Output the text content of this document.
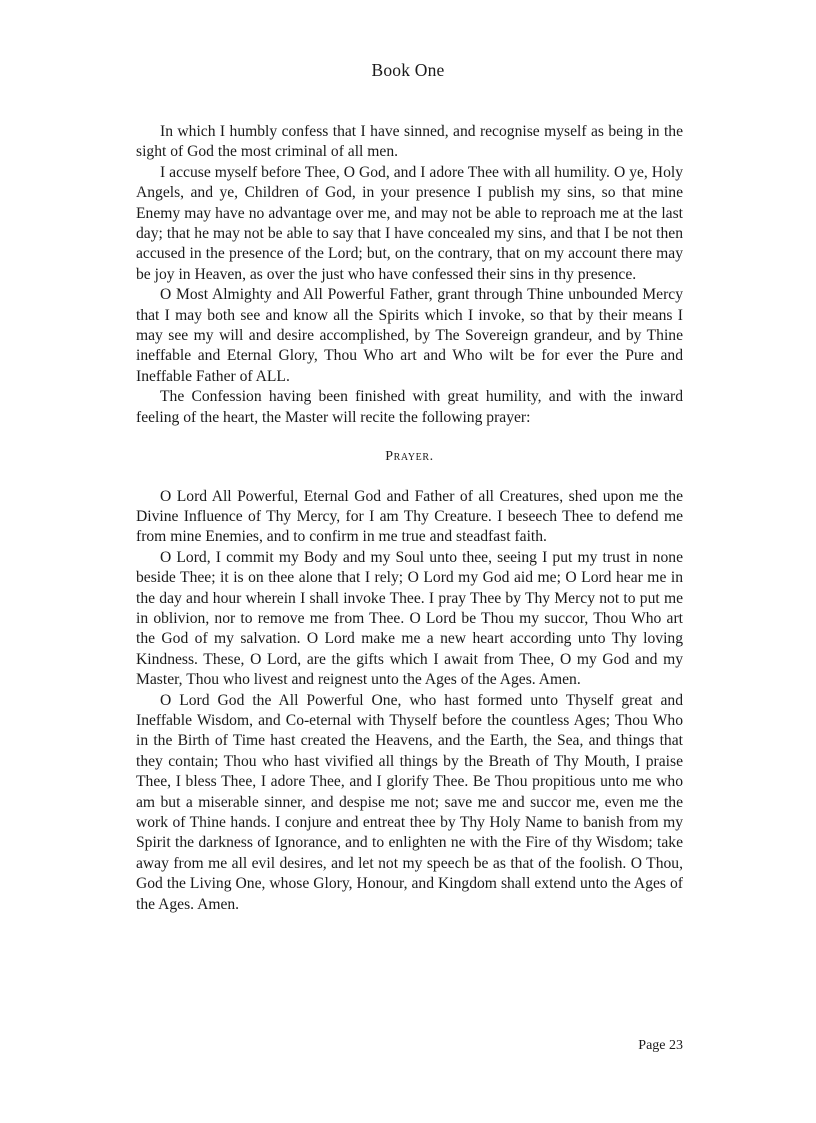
Book One

In which I humbly confess that I have sinned, and recognise myself as being in the sight of God the most criminal of all men.

I accuse myself before Thee, O God, and I adore Thee with all humility. O ye, Holy Angels, and ye, Children of God, in your presence I publish my sins, so that mine Enemy may have no advantage over me, and may not be able to reproach me at the last day; that he may not be able to say that I have concealed my sins, and that I be not then accused in the presence of the Lord; but, on the contrary, that on my account there may be joy in Heaven, as over the just who have confessed their sins in thy presence.

O Most Almighty and All Powerful Father, grant through Thine unbounded Mercy that I may both see and know all the Spirits which I invoke, so that by their means I may see my will and desire accomplished, by The Sovereign grandeur, and by Thine ineffable and Eternal Glory, Thou Who art and Who wilt be for ever the Pure and Ineffable Father of ALL.

The Confession having been finished with great humility, and with the inward feeling of the heart, the Master will recite the following prayer:

Prayer.

O Lord All Powerful, Eternal God and Father of all Creatures, shed upon me the Divine Influence of Thy Mercy, for I am Thy Creature. I beseech Thee to defend me from mine Enemies, and to confirm in me true and steadfast faith.

O Lord, I commit my Body and my Soul unto thee, seeing I put my trust in none beside Thee; it is on thee alone that I rely; O Lord my God aid me; O Lord hear me in the day and hour wherein I shall invoke Thee. I pray Thee by Thy Mercy not to put me in oblivion, nor to remove me from Thee. O Lord be Thou my succor, Thou Who art the God of my salvation. O Lord make me a new heart according unto Thy loving Kindness. These, O Lord, are the gifts which I await from Thee, O my God and my Master, Thou who livest and reignest unto the Ages of the Ages. Amen.

O Lord God the All Powerful One, who hast formed unto Thyself great and Ineffable Wisdom, and Co-eternal with Thyself before the countless Ages; Thou Who in the Birth of Time hast created the Heavens, and the Earth, the Sea, and things that they contain; Thou who hast vivified all things by the Breath of Thy Mouth, I praise Thee, I bless Thee, I adore Thee, and I glorify Thee. Be Thou propitious unto me who am but a miserable sinner, and despise me not; save me and succor me, even me the work of Thine hands. I conjure and entreat thee by Thy Holy Name to banish from my Spirit the darkness of Ignorance, and to enlighten ne with the Fire of thy Wisdom; take away from me all evil desires, and let not my speech be as that of the foolish. O Thou, God the Living One, whose Glory, Honour, and Kingdom shall extend unto the Ages of the Ages. Amen.

Page 23
